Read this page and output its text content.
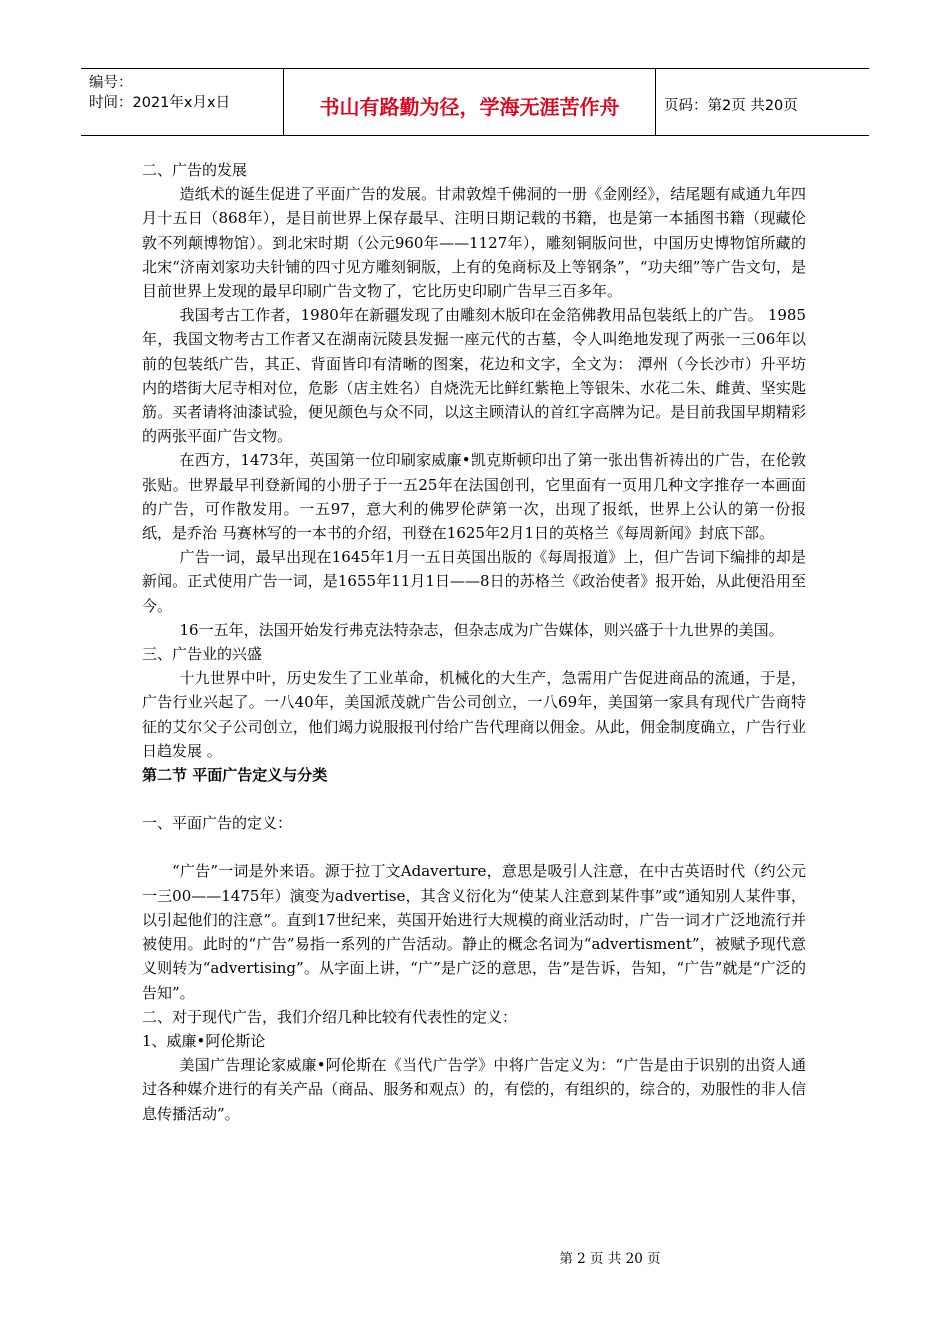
编号：
时间：2021年x月x日	书山有路勤为径，学海无涯苦作舟	页码：第2页 共20页

二、广告的发展

造纸术的诞生促进了平面广告的发展。甘肃敦煌千佛洞的一册《金刚经》，结尾题有咸通九年四月十五日（868年），是目前世界上保存最早、注明日期记载的书籍，也是第一本插图书籍（现藏伦敦不列颠博物馆）。到北宋时期（公元960年——1127年），雕刻铜版问世，中国历史博物馆所藏的北宋“济南刘家功夫针铺的四寸见方雕刻铜版，上有的兔商标及上等钢条”，“功夫细”等广告文句，是目前世界上发现的最早印刷广告文物了，它比历史印刷广告早三百多年。

我国考古工作者，1980年在新疆发现了由雕刻木版印在金箔佛教用品包装纸上的广告。 1985年，我国文物考古工作者又在湖南沅陵县发掘一座元代的古墓，令人叫绝地发现了两张一三06年以前的包装纸广告，其正、背面皆印有清晰的图案，花边和文字，全文为： 潭州（今长沙市）升平坊内的塔街大尼寺相对位，危影（店主姓名）自烧洗无比鲜红紫艳上等银朱、水花二朱、雌黄、坚实匙筋。买者请将油漆试验，便见颜色与众不同，以这主顾清认的首红字高牌为记。是目前我国早期精彩的两张平面广告文物。

在西方，1473年，英国第一位印刷家威廉•凯克斯顿印出了第一张出售祈祷出的广告，在伦敦张贴。世界最早刊登新闻的小册子于一五25年在法国创刊，它里面有一页用几种文字推存一本画面的广告，可作散发用。一五97，意大利的佛罗伦萨第一次，出现了报纸，世界上公认的第一份报纸，是乔治 马赛林写的一本书的介绍，刊登在1625年2月1日的英格兰《每周新闻》封底下部。

广告一词，最早出现在1645年1月一五日英国出版的《每周报道》上，但广告词下编排的却是新闻。正式使用广告一词，是1655年11月1日——8日的苏格兰《政治使者》报开始，从此便沿用至今。

16一五年，法国开始发行弗克法特杂志，但杂志成为广告媒体，则兴盛于十九世界的美国。

三、广告业的兴盛

十九世界中叶，历史发生了工业革命，机械化的大生产，急需用广告促进商品的流通，于是，广告行业兴起了。一八40年，美国派茂就广告公司创立，一八69年，美国第一家具有现代广告商特征的艾尔父子公司创立，他们竭力说服报刊付给广告代理商以佣金。从此，佣金制度确立，广告行业日趋发展 。

第二节 平面广告定义与分类

一、平面广告的定义：

“广告”一词是外来语。源于拉丁文Adaverture，意思是吸引人注意，在中古英语时代（约公元一三00——1475年）演变为advertise，其含义衍化为“使某人注意到某件事”或“通知别人某件事，以引起他们的注意”。直到17世纪来，英国开始进行大规模的商业活动时，广告一词才广泛地流行并被使用。此时的“广告”易指一系列的广告活动。静止的概念名词为“advertisment”，被赋予现代意义则转为“advertising”。从字面上讲，“广”是广泛的意思，告”是告诉，告知，“广告”就是“广泛的告知”。

二、对于现代广告，我们介绍几种比较有代表性的定义：

1、威廉•阿伦斯论

美国广告理论家威廉•阿伦斯在《当代广告学》中将广告定义为：“广告是由于识别的出资人通过各种媒介进行的有关产品（商品、服务和观点）的，有偿的，有组织的，综合的，劝服性的非人信息传播活动”。

第 2 页 共 20 页
